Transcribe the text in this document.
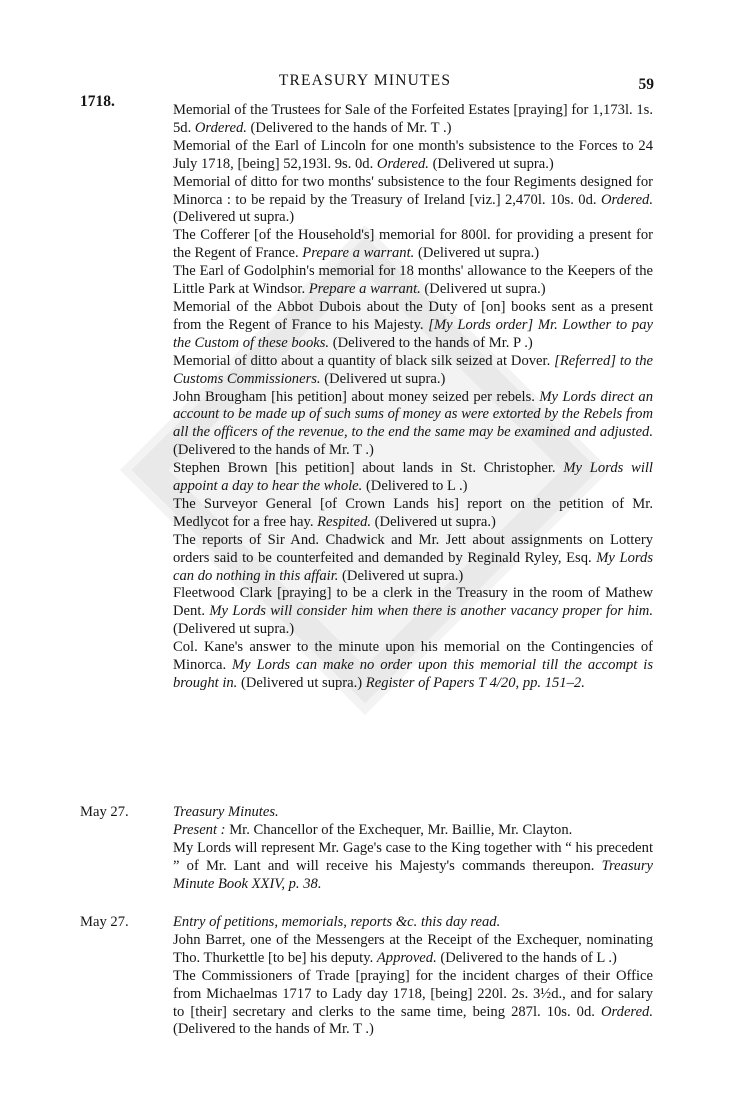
TREASURY MINUTES	59
1718.	Memorial of the Trustees for Sale of the Forfeited Estates [praying] for 1,173l. 1s. 5d. Ordered. (Delivered to the hands of Mr. T .)

Memorial of the Earl of Lincoln for one month's subsistence to the Forces to 24 July 1718, [being] 52,193l. 9s. 0d. Ordered. (Delivered ut supra.)

Memorial of ditto for two months' subsistence to the four Regiments designed for Minorca : to be repaid by the Treasury of Ireland [viz.] 2,470l. 10s. 0d. Ordered. (Delivered ut supra.)

The Cofferer [of the Household's] memorial for 800l. for providing a present for the Regent of France. Prepare a warrant. (Delivered ut supra.)

The Earl of Godolphin's memorial for 18 months' allowance to the Keepers of the Little Park at Windsor. Prepare a warrant. (Delivered ut supra.)

Memorial of the Abbot Dubois about the Duty of [on] books sent as a present from the Regent of France to his Majesty. [My Lords order] Mr. Lowther to pay the Custom of these books. (Delivered to the hands of Mr. P .)

Memorial of ditto about a quantity of black silk seized at Dover. [Referred] to the Customs Commissioners. (Delivered ut supra.)

John Brougham [his petition] about money seized per rebels. My Lords direct an account to be made up of such sums of money as were extorted by the Rebels from all the officers of the revenue, to the end the same may be examined and adjusted. (Delivered to the hands of Mr. T .)

Stephen Brown [his petition] about lands in St. Christopher. My Lords will appoint a day to hear the whole. (Delivered to L .)

The Surveyor General [of Crown Lands his] report on the petition of Mr. Medlycot for a free hay. Respited. (Delivered ut supra.)

The reports of Sir And. Chadwick and Mr. Jett about assignments on Lottery orders said to be counterfeited and demanded by Reginald Ryley, Esq. My Lords can do nothing in this affair. (Delivered ut supra.)

Fleetwood Clark [praying] to be a clerk in the Treasury in the room of Mathew Dent. My Lords will consider him when there is another vacancy proper for him. (Delivered ut supra.)

Col. Kane's answer to the minute upon his memorial on the Contingencies of Minorca. My Lords can make no order upon this memorial till the accompt is brought in. (Delivered ut supra.) Register of Papers T 4/20, pp. 151–2.

May 27.	Treasury Minutes.
Present : Mr. Chancellor of the Exchequer, Mr. Baillie, Mr. Clayton.
My Lords will represent Mr. Gage's case to the King together with “ his precedent ” of Mr. Lant and will receive his Majesty's commands thereupon. Treasury Minute Book XXIV, p. 38.
May 27.	Entry of petitions, memorials, reports &c. this day read.

John Barret, one of the Messengers at the Receipt of the Exchequer, nominating Tho. Thurkettle [to be] his deputy. Approved. (Delivered to the hands of L .)

The Commissioners of Trade [praying] for the incident charges of their Office from Michaelmas 1717 to Lady day 1718, [being] 220l. 2s. 3½d., and for salary to [their] secretary and clerks to the same time, being 287l. 10s. 0d. Ordered. (Delivered to the hands of Mr. T .)
